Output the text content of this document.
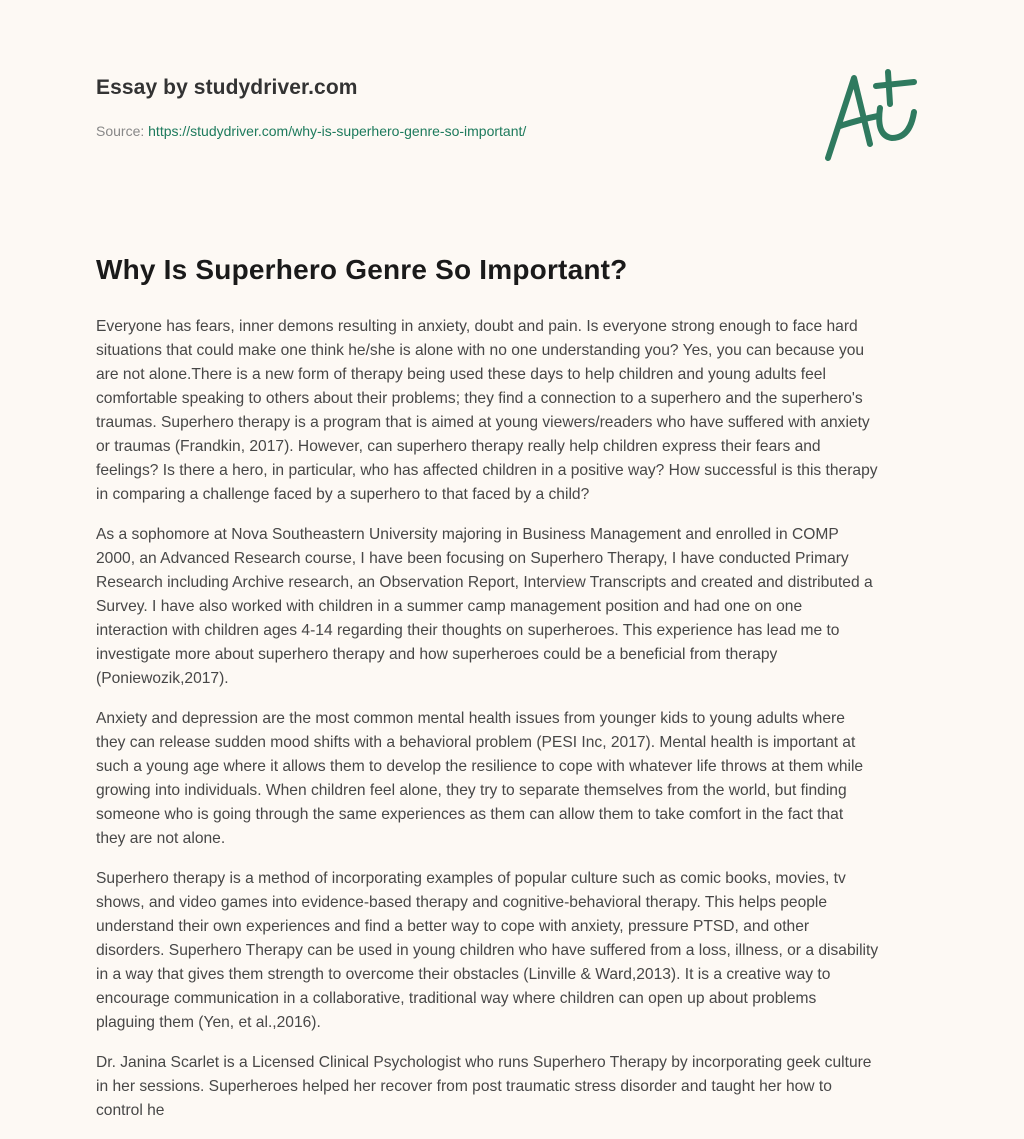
Essay by studydriver.com
Source: https://studydriver.com/why-is-superhero-genre-so-important/
Why Is Superhero Genre So Important?

Everyone has fears, inner demons resulting in anxiety, doubt and pain. Is everyone strong enough to face hard
situations that could make one think he/she is alone with no one understanding you? Yes, you can because you
are not alone.There is a new form of therapy being used these days to help children and young adults feel
comfortable speaking to others about their problems; they find a connection to a superhero and the superhero's
traumas. Superhero therapy is a program that is aimed at young viewers/readers who have suffered with anxiety
or traumas (Frandkin, 2017). However, can superhero therapy really help children express their fears and
feelings? Is there a hero, in particular, who has affected children in a positive way? How successful is this therapy
in comparing a challenge faced by a superhero to that faced by a child?

As a sophomore at Nova Southeastern University majoring in Business Management and enrolled in COMP
2000, an Advanced Research course, I have been focusing on Superhero Therapy, I have conducted Primary
Research including Archive research, an Observation Report, Interview Transcripts and created and distributed a
Survey. I have also worked with children in a summer camp management position and had one on one
interaction with children ages 4-14 regarding their thoughts on superheroes. This experience has lead me to
investigate more about superhero therapy and how superheroes could be a beneficial from therapy
(Poniewozik,2017).

Anxiety and depression are the most common mental health issues from younger kids to young adults where
they can release sudden mood shifts with a behavioral problem (PESI Inc, 2017). Mental health is important at
such a young age where it allows them to develop the resilience to cope with whatever life throws at them while
growing into individuals. When children feel alone, they try to separate themselves from the world, but finding
someone who is going through the same experiences as them can allow them to take comfort in the fact that
they are not alone.

Superhero therapy is a method of incorporating examples of popular culture such as comic books, movies, tv
shows, and video games into evidence-based therapy and cognitive-behavioral therapy. This helps people
understand their own experiences and find a better way to cope with anxiety, pressure PTSD, and other
disorders. Superhero Therapy can be used in young children who have suffered from a loss, illness, or a disability
in a way that gives them strength to overcome their obstacles (Linville & Ward,2013). It is a creative way to
encourage communication in a collaborative, traditional way where children can open up about problems
plaguing them (Yen, et al.,2016).

Dr. Janina Scarlet is a Licensed Clinical Psychologist who runs Superhero Therapy by incorporating geek culture
in her sessions. Superheroes helped her recover from post traumatic stress disorder and taught her how to
control he
